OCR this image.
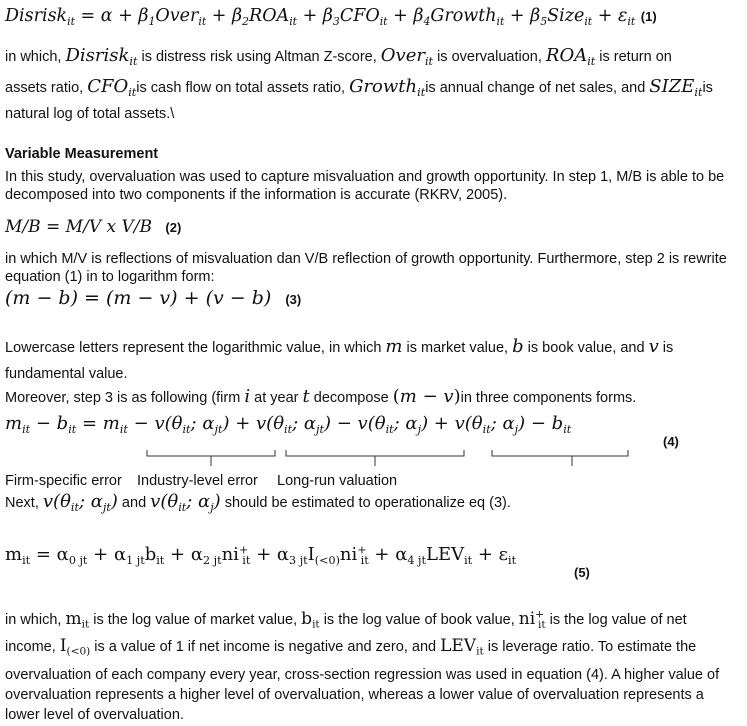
Disrisk$_{it}$ = $\alpha + \beta_1Over_{it} + \beta_2ROA_{it} + \beta_3CFO_{it}$ + $\beta_4Growth_{it}$ + $\beta_5Size_{it} + \varepsilon_{it}$ (1)
in which, Disrisk$_{it}$ is distress risk using Altman Z-score, Over$_{it}$ is overvaluation, $ROA_{it}$ is return on
assets ratio, $CFO_{it}is$ cash flow on total assets ratio, Growth$_{it}$is annual change of net sales, and $SIZE_{it}is$
natural log of total assets.\
Variable Measurement
In this study, overvaluation was used to capture misvaluation and growth opportunity. In step 1, M/B is able to be decomposed into two components if the information is accurate (RKRV, 2005).
M/B = M/V x V/B (2)
in which M/V is reflections of misvaluation dan V/B reflection of growth opportunity. Furthermore, step 2 is rewrite equation (1) in to logarithm form:
(m − b) = (m − v) + (v − b) (3)
Lowercase letters represent the logarithmic value, in which m is market value, b is book value, and v is
fundamental value.
Moreover, step 3 is as following (firm i at year t decompose (m − v)in three components forms.
$m_{it} - b_{it} = m_{it} - v(\theta_{it}$; $\alpha_{jt}) + v(\theta_{it}$; $\alpha_{jt}) - v(\theta_{it}$; $\alpha_j) + v(\theta_{it}$; $\alpha_j) - b_{it}$
(4)
Firm-specific error Industry-level error Long-run valuation
Next, $v(\theta_{it}$; $\alpha_{jt}$) and $v(\theta_{it}$; $\alpha_j$) should be estimated to operationalize eq (3).
$m_{it} = \alpha_{0 jt} + \alpha_{1 jt}b_{it} + \alpha_{2 jt}ni^+_{it} + \alpha_{3 jt}I_{(<0)}ni^+_{it} + \alpha_{4 jt}LEV_{it} + \varepsilon_{it}$
(5)
in which, $m_{it}$ is the log value of market value, $b_{it}$ is the log value of book value, $ni^+_{it}$ is the log value of net
income, $I_{(<0)}$ is a value of 1 if net income is negative and zero, and $LEV_{it}$ is leverage ratio. To estimate the
overvaluation of each company every year, cross-section regression was used in equation (4). A higher value of
overvaluation represents a higher level of overvaluation, whereas a lower value of overvaluation represents a
lower level of overvaluation.
